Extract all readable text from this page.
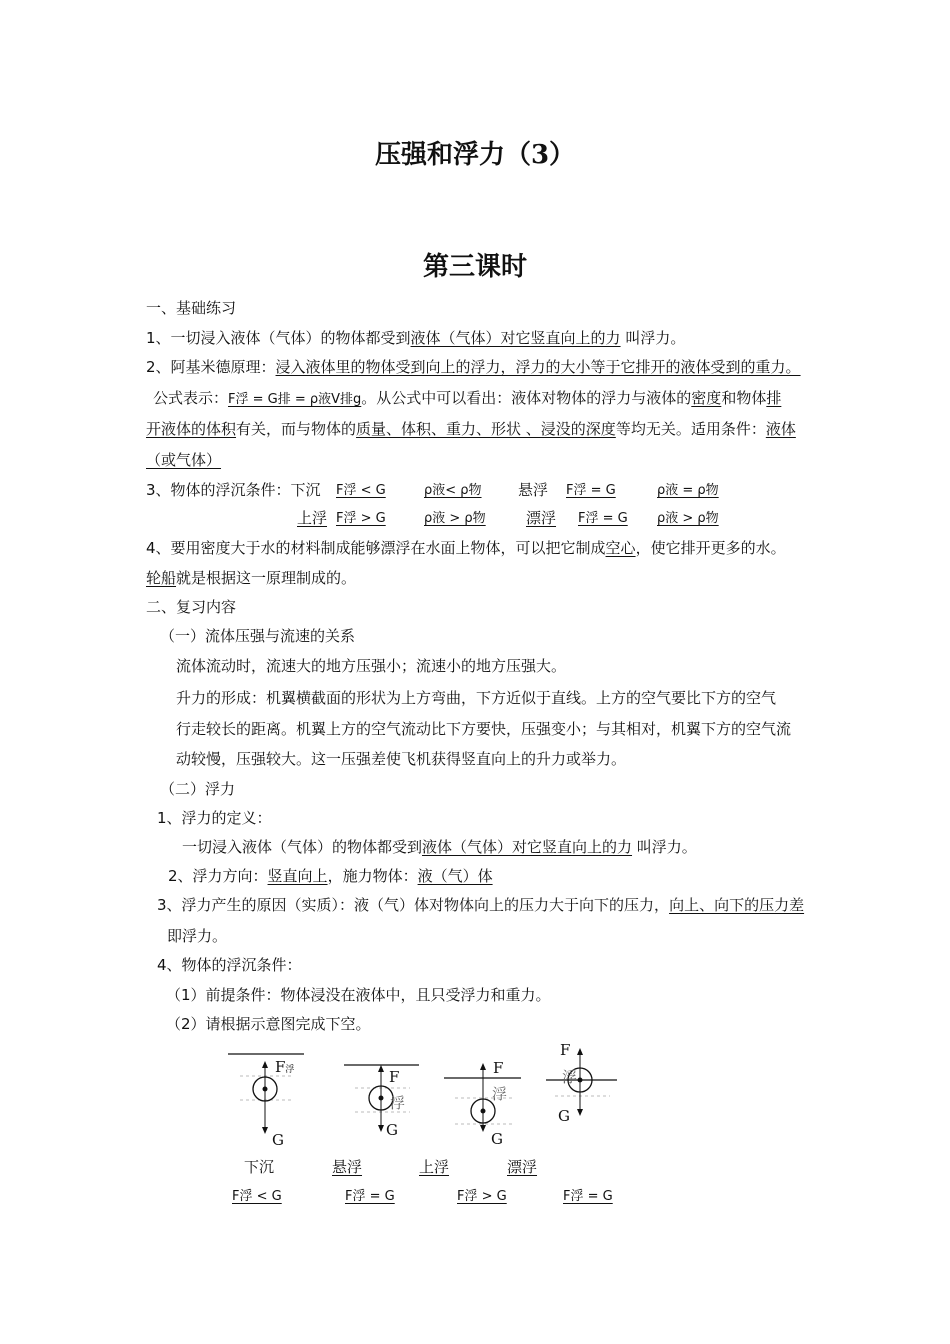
压强和浮力（3）
第三课时
一、基础练习
1、一切浸入液体（气体）的物体都受到液体（气体）对它竖直向上的力 叫浮力。
2、阿基米德原理：浸入液体里的物体受到向上的浮力，浮力的大小等于它排开的液体受到的重力。
公式表示：F浮 = G排 = ρ液V排g。从公式中可以看出：液体对物体的浮力与液体的密度和物体排
开液体的体积有关，而与物体的质量、体积、重力、形状 、浸没的深度等均无关。适用条件：液体
（或气体）
3、物体的浮沉条件：下沉 F浮 < G	ρ液< ρ物 悬浮 F浮 = G	ρ液 = ρ物
上浮 F浮 > G	ρ液 > ρ物	漂浮 F浮 = G ρ液 > ρ物
4、要用密度大于水的材料制成能够漂浮在水面上物体，可以把它制成空心，使它排开更多的水。
轮船就是根据这一原理制成的。
二、复习内容
（一）流体压强与流速的关系
流体流动时，流速大的地方压强小；流速小的地方压强大。
升力的形成：机翼横截面的形状为上方弯曲，下方近似于直线。上方的空气要比下方的空气
行走较长的距离。机翼上方的空气流动比下方要快，压强变小；与其相对，机翼下方的空气流
动较慢，压强较大。这一压强差使飞机获得竖直向上的升力或举力。
（二）浮力
1、浮力的定义：
一切浸入液体（气体）的物体都受到液体（气体）对它竖直向上的力 叫浮力。
2、浮力方向：竖直向上，施力物体：液（气）体
3、浮力产生的原因（实质）：液（气）体对物体向上的压力大于向下的压力，向上、向下的压力差
即浮力。
4、物体的浮沉条件：
（1）前提条件：物体浸没在液体中，且只受浮力和重力。
（2）请根据示意图完成下空。
F浮
G
F
浮
G
F
浮
G
F
浮
G
下沉	悬浮	上浮	漂浮
F浮 < G	F浮 = G	F浮 > G	F浮 = G
